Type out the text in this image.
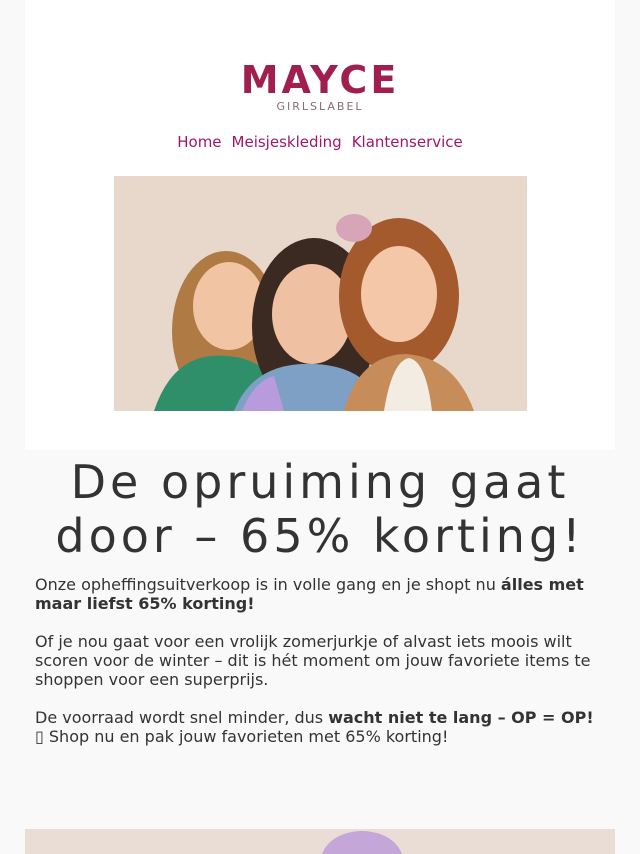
MAYCE
GIRLSLABEL
Home Meisjeskleding Klantenservice
De opruiming gaat door – 65% korting!

Onze opheffingsuitverkoop is in volle gang en je shopt nu álles met maar liefst 65% korting!

Of je nou gaat voor een vrolijk zomerjurkje of alvast iets moois wilt scoren voor de winter – dit is hét moment om jouw favoriete items te shoppen voor een superprijs.

De voorraad wordt snel minder, dus wacht niet te lang – OP = OP!
▯ Shop nu en pak jouw favorieten met 65% korting!
